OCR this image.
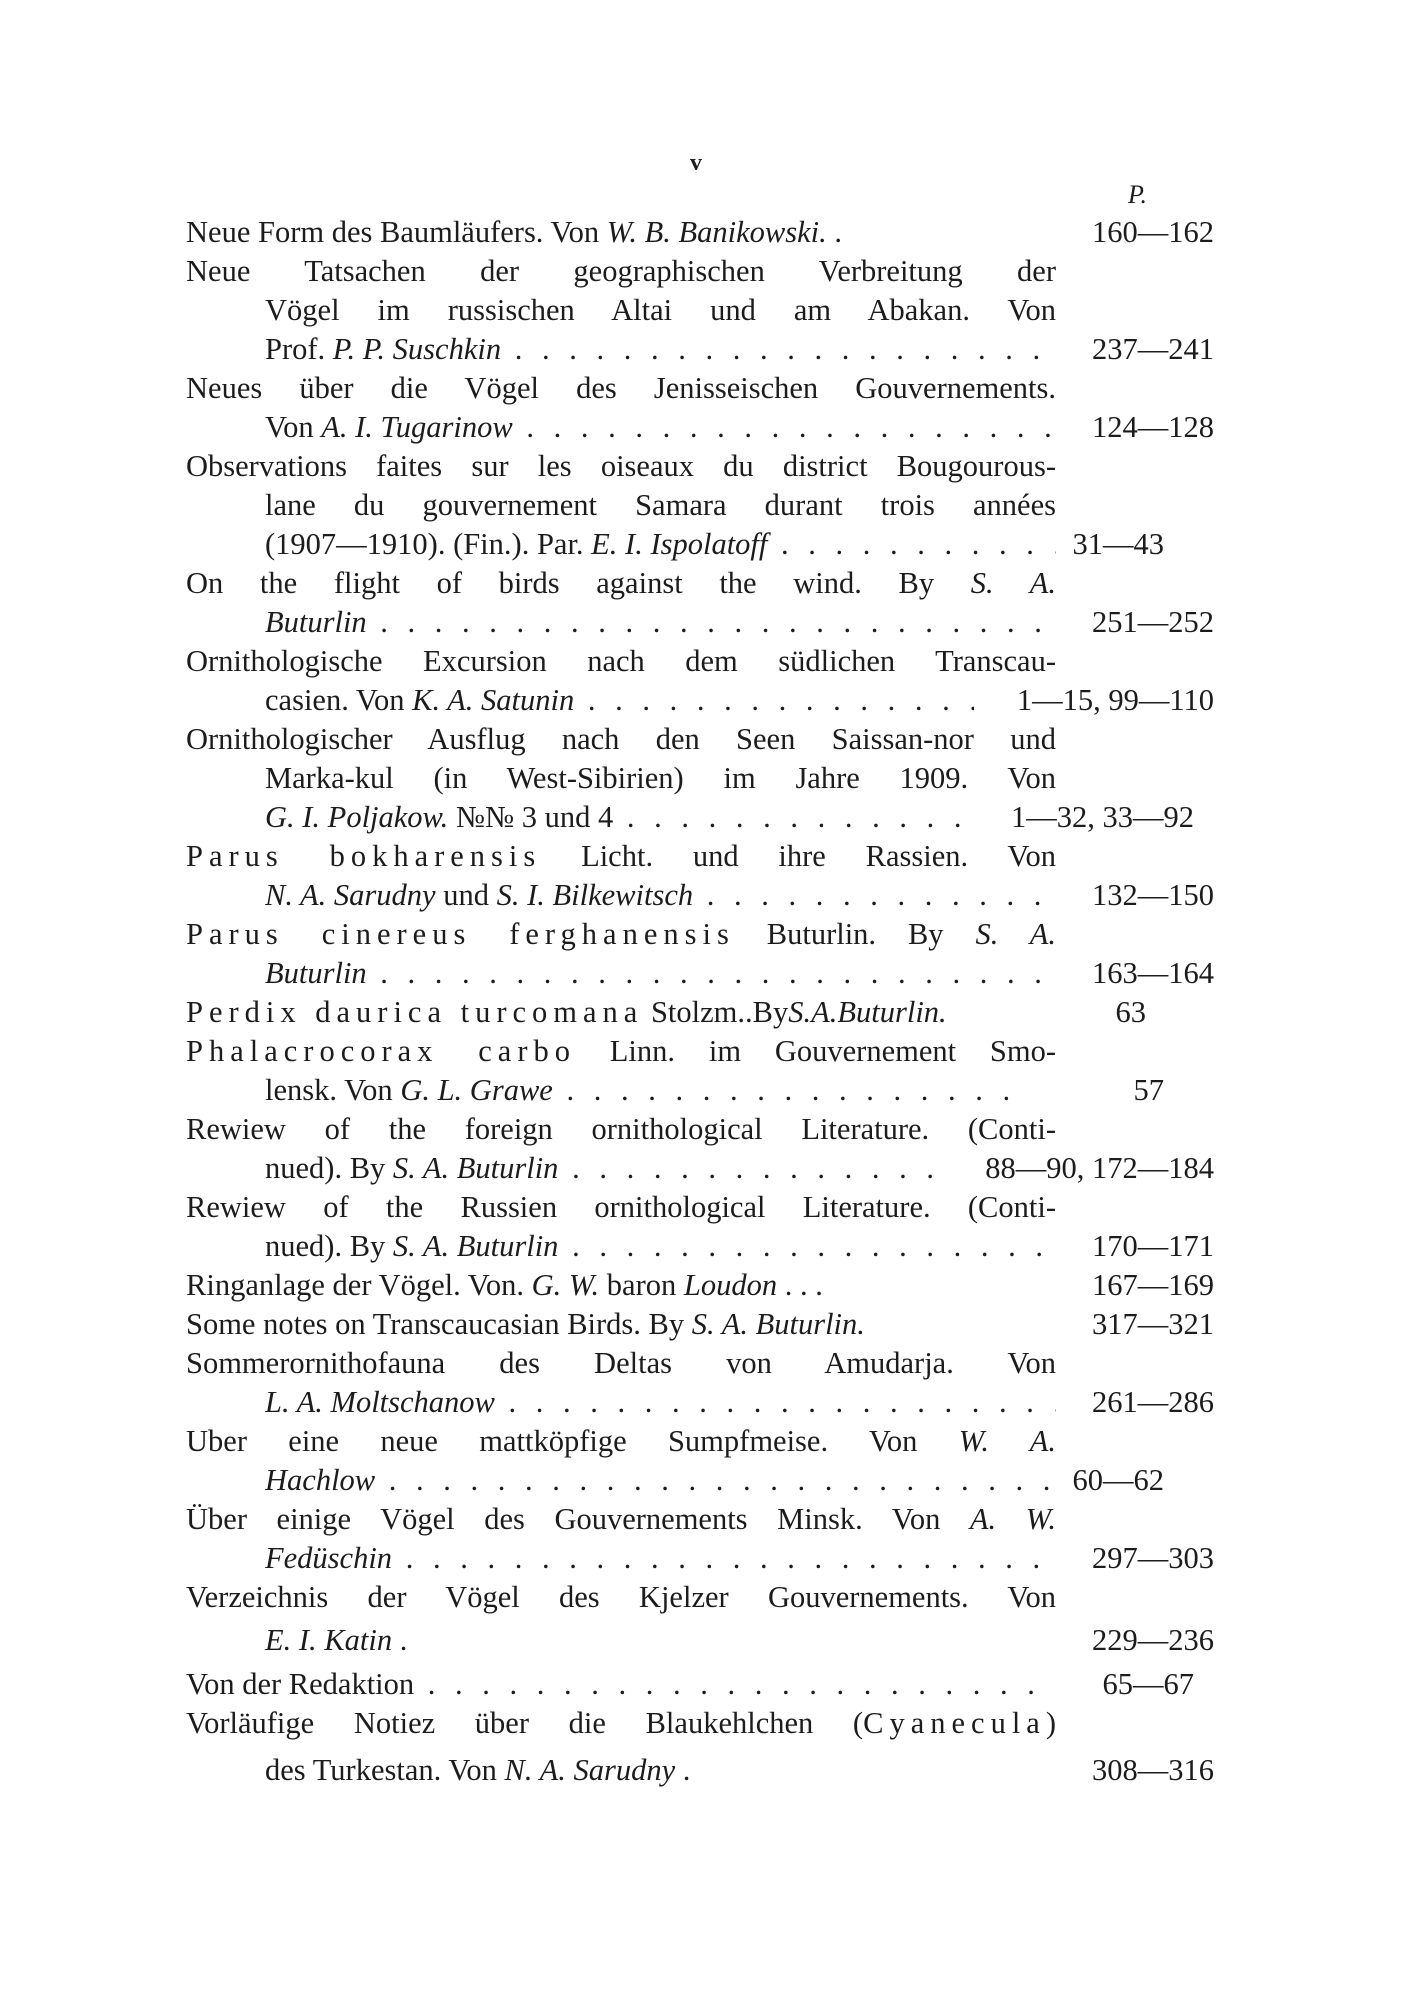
v
P.
Neue Form des Baumläufers. Von W. B. Banikowski. .	160—162
Neue Tatsachen der geographischen Verbreitung der
Vögel im russischen Altai und am Abakan. Von
Prof. P. P. Suschkin . . .	237—241
Neues über die Vögel des Jenisseischen Gouvernements.
Von A. I. Tugarinow . . .	124—128
Observations faites sur les oiseaux du district Bougourous-
lane du gouvernement Samara durant trois années
(1907—1910). (Fin.). Par. E. I. Ispolatoff . . .	31—43
On the flight of birds against the wind. By S. A.
Buturlin . . .	251—252
Ornithologische Excursion nach dem südlichen Transcau-
casien. Von K. A. Satunin . . .	1—15, 99—110
Ornithologischer Ausflug nach den Seen Saissan-nor und
Marka-kul (in West-Sibirien) im Jahre 1909. Von
G. I. Poljakow. №№ 3 und 4 . . .	1—32, 33—92
Parus bokharensis Licht. und ihre Rassien. Von
N. A. Sarudny und S. I. Bilkewitsch . . .	132—150
Parus cinereus ferghanensis Buturlin. By S. A.
Buturlin . . .	163—164
Perdix daurica turcomana Stolzm..ByS.A.Buturlin.	63
Phalacrocorax carbo Linn. im Gouvernement Smo-
lensk. Von G. L. Grawe . . .	57
Rewiew of the foreign ornithological Literature. (Conti-
nued). By S. A. Buturlin . . .	88—90, 172—184
Rewiew of the Russien ornithological Literature. (Conti-
nued). By S. A. Buturlin . . .	170—171
Ringanlage der Vögel. Von. G. W. baron Loudon . . .	167—169
Some notes on Transcaucasian Birds. By S. A. Buturlin.	317—321
Sommerornithofauna des Deltas von Amudarja. Von
L. A. Moltschanow . . .	261—286
Uber eine neue mattköpfige Sumpfmeise. Von W. A.
Hachlow . . .	60—62
Über einige Vögel des Gouvernements Minsk. Von A. W.
Fedüschin . . .	297—303
Verzeichnis der Vögel des Kjelzer Gouvernements. Von
E. I. Katin .	229—236
Von der Redaktion . . .	65—67
Vorläufige Notiez über die Blaukehlchen (Cyanecula)
des Turkestan. Von N. A. Sarudny .	308—316
